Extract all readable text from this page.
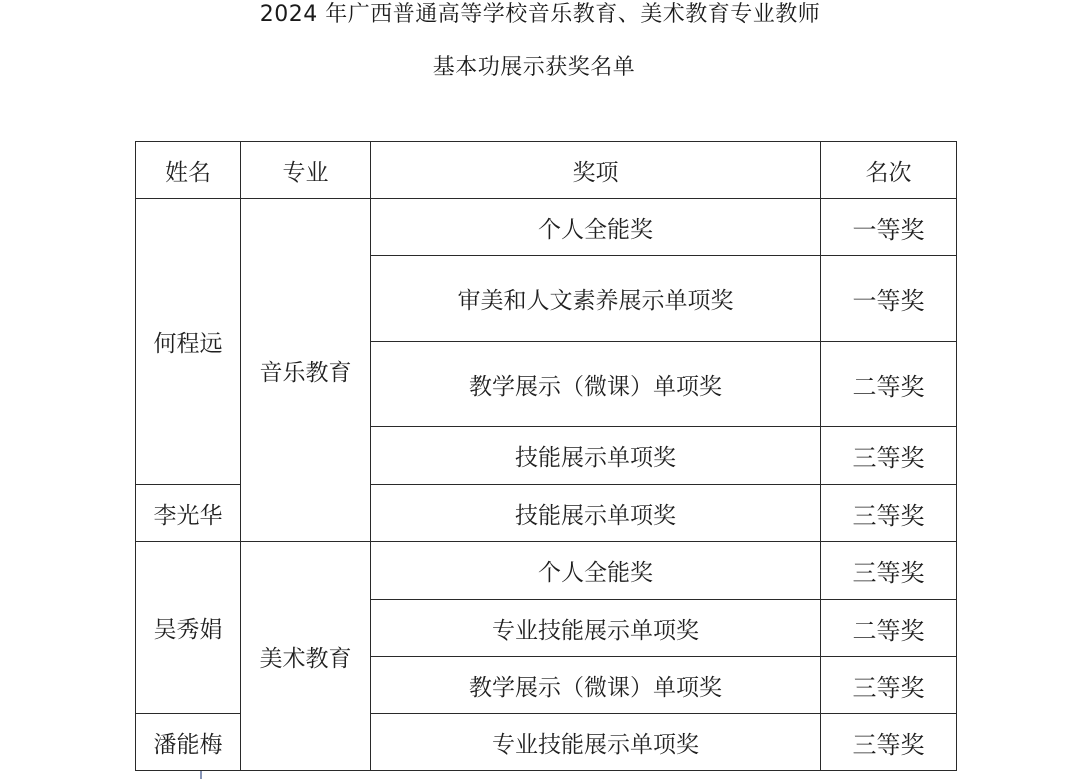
2024 年广西普通高等学校音乐教育、美术教育专业教师
基本功展示获奖名单
姓名	专业	奖项	名次
何程远	音乐教育	个人全能奖	一等奖
		审美和人文素养展示单项奖	一等奖
		教学展示（微课）单项奖	二等奖
		技能展示单项奖	三等奖
李光华		技能展示单项奖	三等奖
吴秀娟	美术教育	个人全能奖	三等奖
		专业技能展示单项奖	二等奖
		教学展示（微课）单项奖	三等奖
潘能梅		专业技能展示单项奖	三等奖
